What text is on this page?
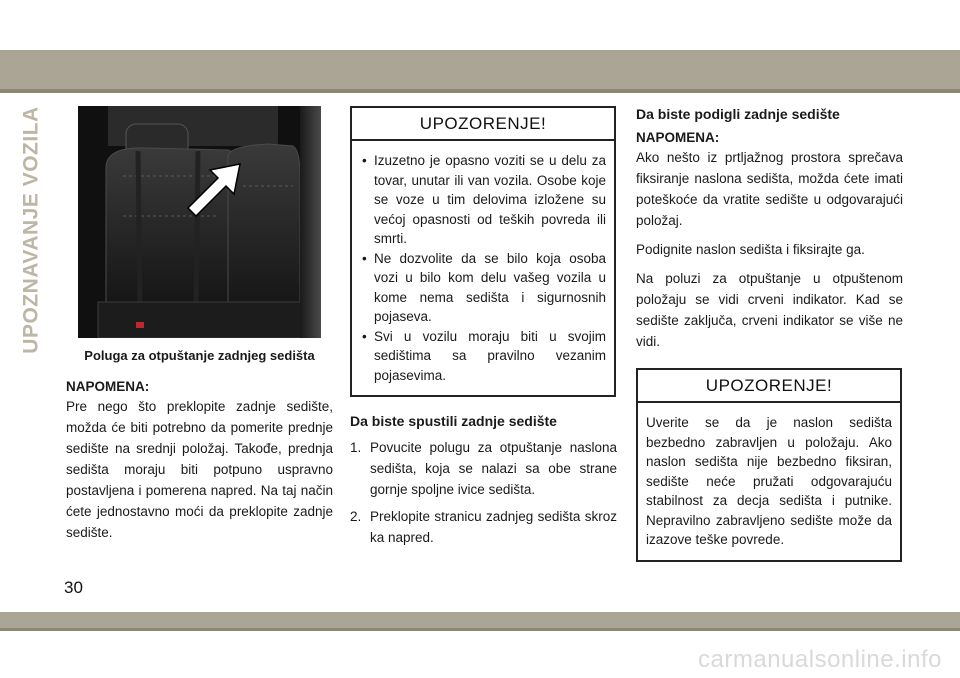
UPOZNAVANJE VOZILA
Poluga za otpuštanje zadnjeg sedišta
NAPOMENA:

Pre nego što preklopite zadnje sedište, možda će biti potrebno da pomerite prednje sedište na srednji položaj. Takođe, prednja sedišta moraju biti potpuno uspravno postavljena i pomerena napred. Na taj način ćete jednostavno moći da preklopite zadnje sedište.

UPOZORENJE!
• Izuzetno je opasno voziti se u delu za tovar, unutar ili van vozila. Osobe koje se voze u tim delovima izložene su većoj opasnosti od teških povreda ili smrti.
• Ne dozvolite da se bilo koja osoba vozi u bilo kom delu vašeg vozila u kome nema sedišta i sigurnosnih pojaseva.
• Svi u vozilu moraju biti u svojim sedištima sa pravilno vezanim pojasevima.
Da biste spustili zadnje sedište
1. Povucite polugu za otpuštanje naslona sedišta, koja se nalazi sa obe strane gornje spoljne ivice sedišta.
2. Preklopite stranicu zadnjeg sedišta skroz ka napred.
Da biste podigli zadnje sedište
NAPOMENA:

Ako nešto iz prtljažnog prostora sprečava fiksiranje naslona sedišta, možda ćete imati poteškoće da vratite sedište u odgovarajući položaj.

Podignite naslon sedišta i fiksirajte ga.

Na poluzi za otpuštanje u otpuštenom položaju se vidi crveni indikator. Kad se sedište zaključa, crveni indikator se više ne vidi.

UPOZORENJE!
Uverite se da je naslon sedišta bezbedno zabravljen u položaju. Ako naslon sedišta nije bezbedno fiksiran, sedište neće pružati odgovarajuću stabilnost za decja sedišta i putnike. Nepravilno zabravljeno sedište može da izazove teške povrede.
30
carmanualsonline.info
